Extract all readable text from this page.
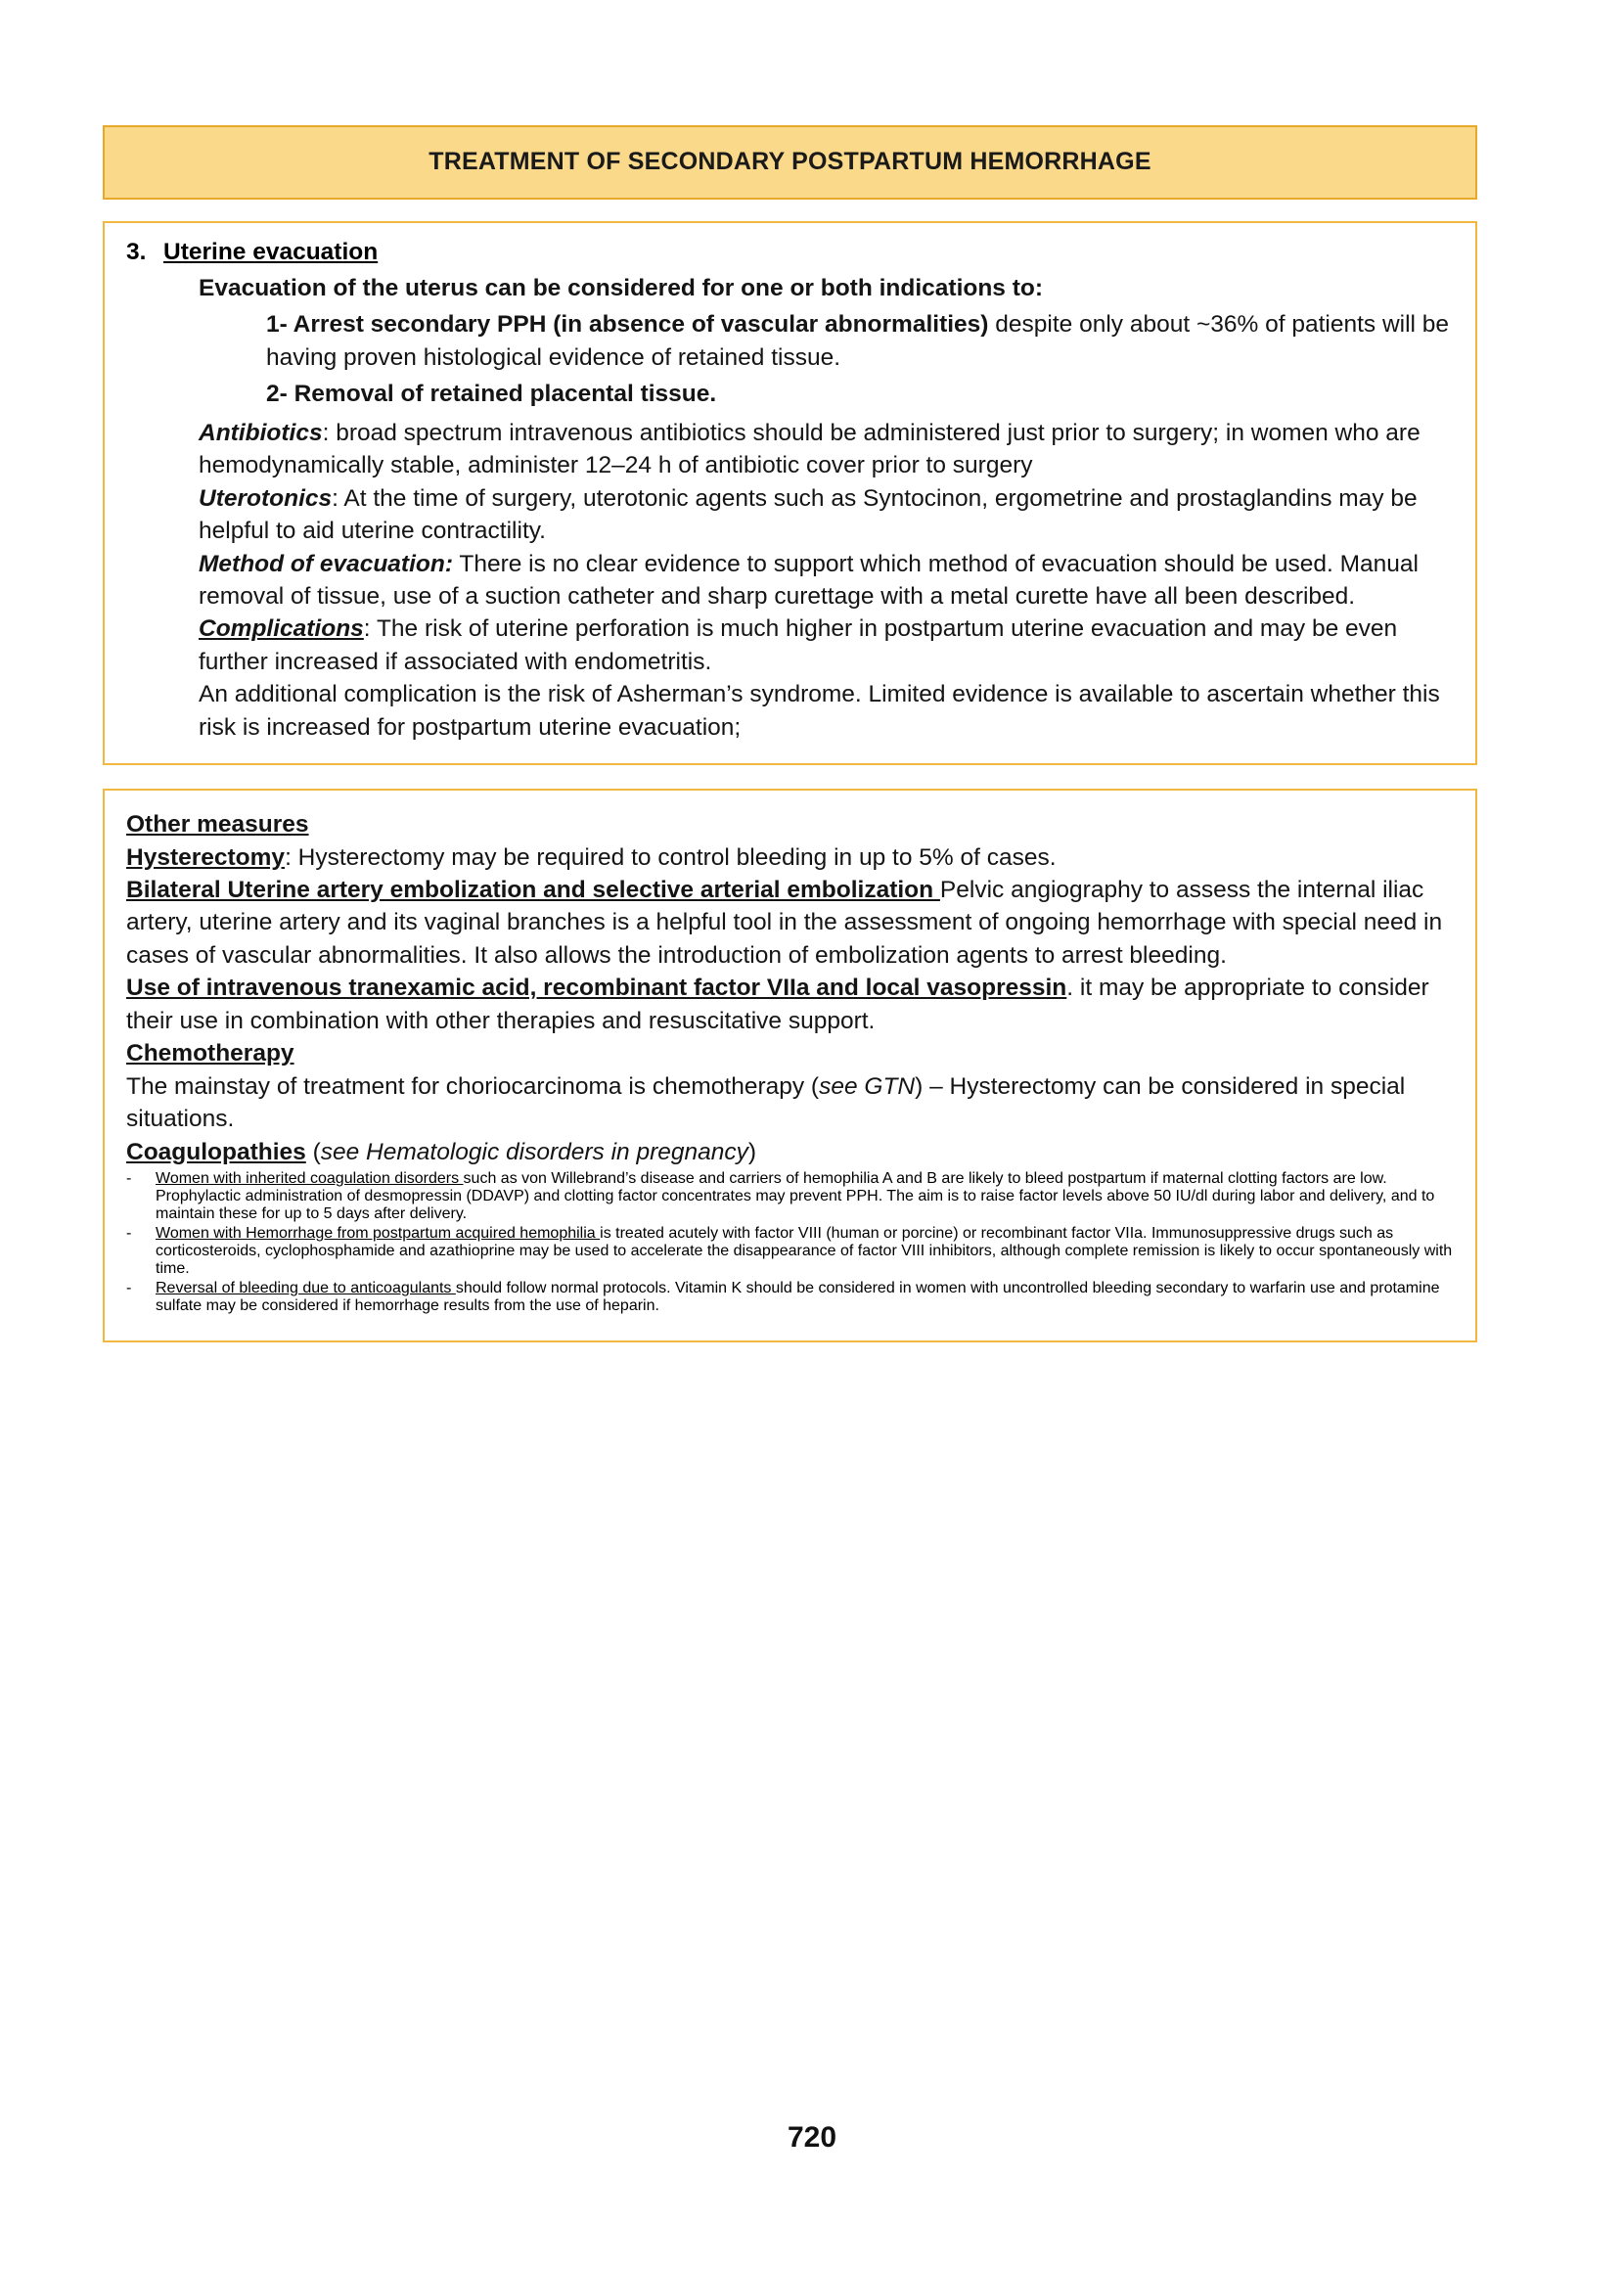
TREATMENT OF SECONDARY POSTPARTUM HEMORRHAGE
3. Uterine evacuation

Evacuation of the uterus can be considered for one or both indications to:

1- Arrest secondary PPH (in absence of vascular abnormalities) despite only about ~36% of patients will be having proven histological evidence of retained tissue.

2- Removal of retained placental tissue.

Antibiotics: broad spectrum intravenous antibiotics should be administered just prior to surgery; in women who are hemodynamically stable, administer 12–24 h of antibiotic cover prior to surgery

Uterotonics: At the time of surgery, uterotonic agents such as Syntocinon, ergometrine and prostaglandins may be helpful to aid uterine contractility.

Method of evacuation: There is no clear evidence to support which method of evacuation should be used. Manual removal of tissue, use of a suction catheter and sharp curettage with a metal curette have all been described.

Complications: The risk of uterine perforation is much higher in postpartum uterine evacuation and may be even further increased if associated with endometritis.

An additional complication is the risk of Asherman’s syndrome. Limited evidence is available to ascertain whether this risk is increased for postpartum uterine evacuation;

Other measures

Hysterectomy: Hysterectomy may be required to control bleeding in up to 5% of cases.

Bilateral Uterine artery embolization and selective arterial embolization Pelvic angiography to assess the internal iliac artery, uterine artery and its vaginal branches is a helpful tool in the assessment of ongoing hemorrhage with special need in cases of vascular abnormalities. It also allows the introduction of embolization agents to arrest bleeding.

Use of intravenous tranexamic acid, recombinant factor VIIa and local vasopressin. it may be appropriate to consider their use in combination with other therapies and resuscitative support.

Chemotherapy

The mainstay of treatment for choriocarcinoma is chemotherapy (see GTN) – Hysterectomy can be considered in special situations.

Coagulopathies (see Hematologic disorders in pregnancy)

-	Women with inherited coagulation disorders such as von Willebrand’s disease and carriers of hemophilia A and B are likely to bleed postpartum if maternal clotting factors are low. Prophylactic administration of desmopressin (DDAVP) and clotting factor concentrates may prevent PPH. The aim is to raise factor levels above 50 IU/dl during labor and delivery, and to maintain these for up to 5 days after delivery.
-	Women with Hemorrhage from postpartum acquired hemophilia is treated acutely with factor VIII (human or porcine) or recombinant factor VIIa. Immunosuppressive drugs such as corticosteroids, cyclophosphamide and azathioprine may be used to accelerate the disappearance of factor VIII inhibitors, although complete remission is likely to occur spontaneously with time.
-	Reversal of bleeding due to anticoagulants should follow normal protocols. Vitamin K should be considered in women with uncontrolled bleeding secondary to warfarin use and protamine sulfate may be considered if hemorrhage results from the use of heparin.
720
